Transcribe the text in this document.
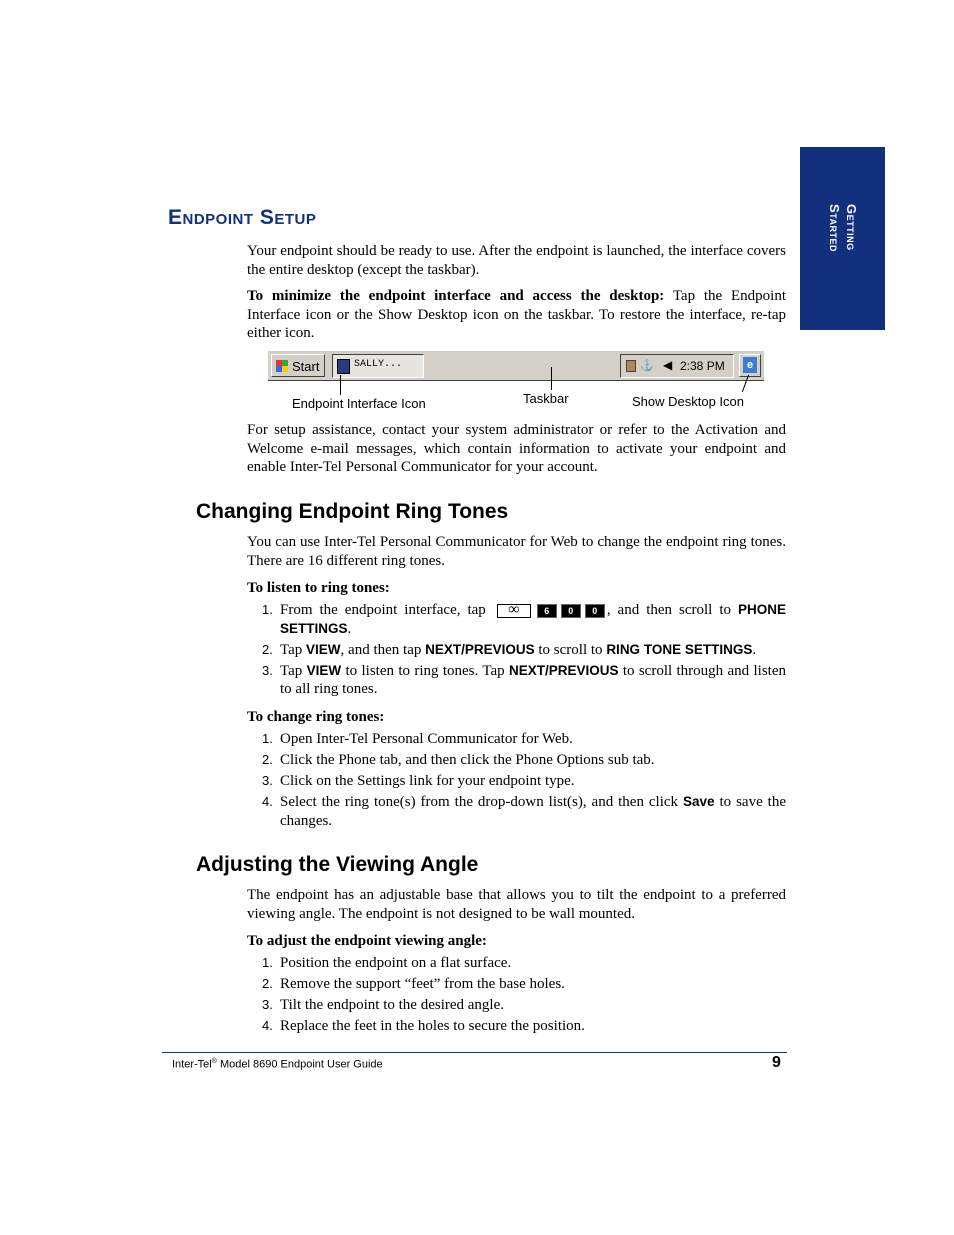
Getting
Started
Endpoint Setup

Your endpoint should be ready to use. After the endpoint is launched, the interface covers the entire desktop (except the taskbar).

To minimize the endpoint interface and access the desktop: Tap the Endpoint Interface icon or the Show Desktop icon on the taskbar. To restore the interface, re-tap either icon.

Start	SALLY...	⚓ ◀ 2:38 PM	e
Endpoint Interface Icon	Taskbar	Show Desktop Icon

For setup assistance, contact your system administrator or refer to the Activation and Welcome e-mail messages, which contain information to activate your endpoint and enable Inter-Tel Personal Communicator for your account.

Changing Endpoint Ring Tones

You can use Inter-Tel Personal Communicator for Web to change the endpoint ring tones. There are 16 different ring tones.

To listen to ring tones:
1. From the endpoint interface, tap	∞	6 0 0 , and then scroll to PHONE SETTINGS.
2. Tap VIEW, and then tap NEXT/PREVIOUS to scroll to RING TONE SETTINGS.
3. Tap VIEW to listen to ring tones. Tap NEXT/PREVIOUS to scroll through and listen to all ring tones.
To change ring tones:
1. Open Inter-Tel Personal Communicator for Web.
2. Click the Phone tab, and then click the Phone Options sub tab.
3. Click on the Settings link for your endpoint type.
4. Select the ring tone(s) from the drop-down list(s), and then click Save to save the changes.
Adjusting the Viewing Angle

The endpoint has an adjustable base that allows you to tilt the endpoint to a preferred viewing angle. The endpoint is not designed to be wall mounted.

To adjust the endpoint viewing angle:
1. Position the endpoint on a flat surface.
2. Remove the support “feet” from the base holes.
3. Tilt the endpoint to the desired angle.
4. Replace the feet in the holes to secure the position.
Inter-Tel® Model 8690 Endpoint User Guide	9
